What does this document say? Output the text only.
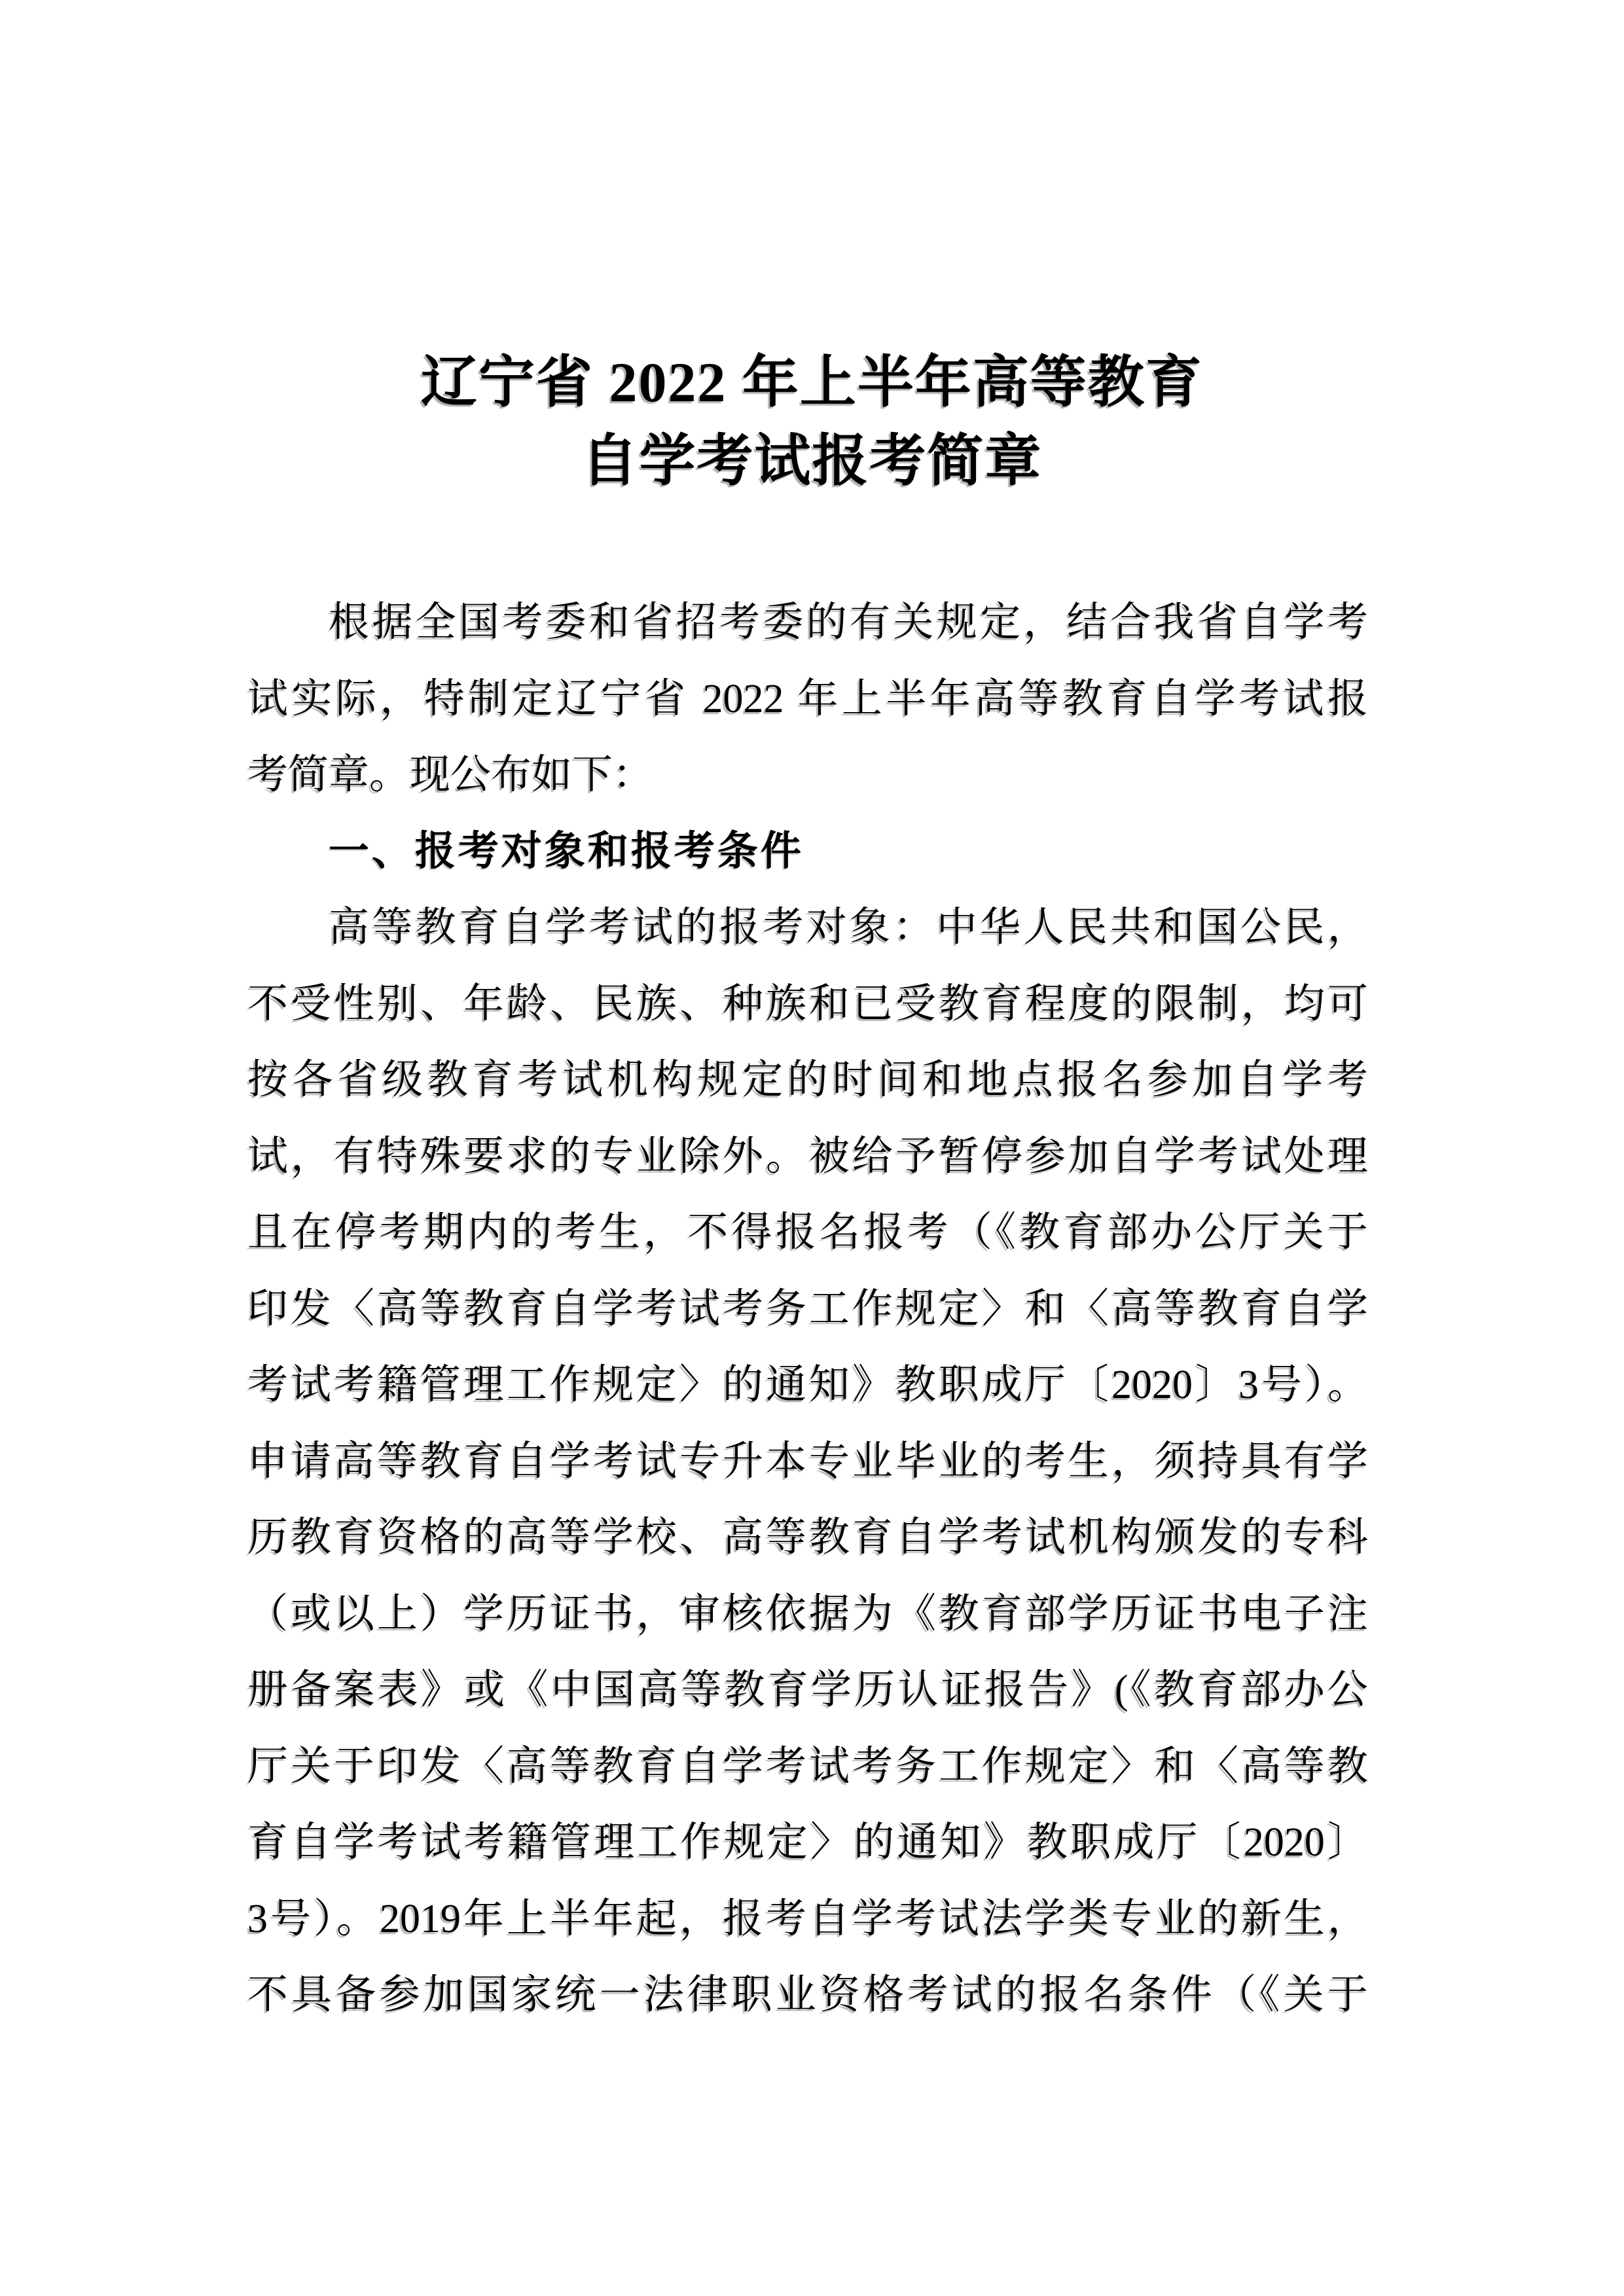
辽宁省 2022 年上半年高等教育
自学考试报考简章
根据全国考委和省招考委的有关规定，结合我省自学考
试实际，特制定辽宁省 2022 年上半年高等教育自学考试报
考简章。现公布如下：
一、报考对象和报考条件
高等教育自学考试的报考对象：中华人民共和国公民，
不受性别、年龄、民族、种族和已受教育程度的限制，均可
按各省级教育考试机构规定的时间和地点报名参加自学考
试，有特殊要求的专业除外。被给予暂停参加自学考试处理
且在停考期内的考生，不得报名报考（《教育部办公厅关于
印发〈高等教育自学考试考务工作规定〉和〈高等教育自学
考试考籍管理工作规定〉的通知》教职成厅〔2020〕3号）。
申请高等教育自学考试专升本专业毕业的考生，须持具有学
历教育资格的高等学校、高等教育自学考试机构颁发的专科
（或以上）学历证书，审核依据为《教育部学历证书电子注
册备案表》或《中国高等教育学历认证报告》(《教育部办公
厅关于印发〈高等教育自学考试考务工作规定〉和〈高等教
育自学考试考籍管理工作规定〉的通知》教职成厅〔2020〕
3号）。2019年上半年起，报考自学考试法学类专业的新生，
不具备参加国家统一法律职业资格考试的报名条件（《关于
